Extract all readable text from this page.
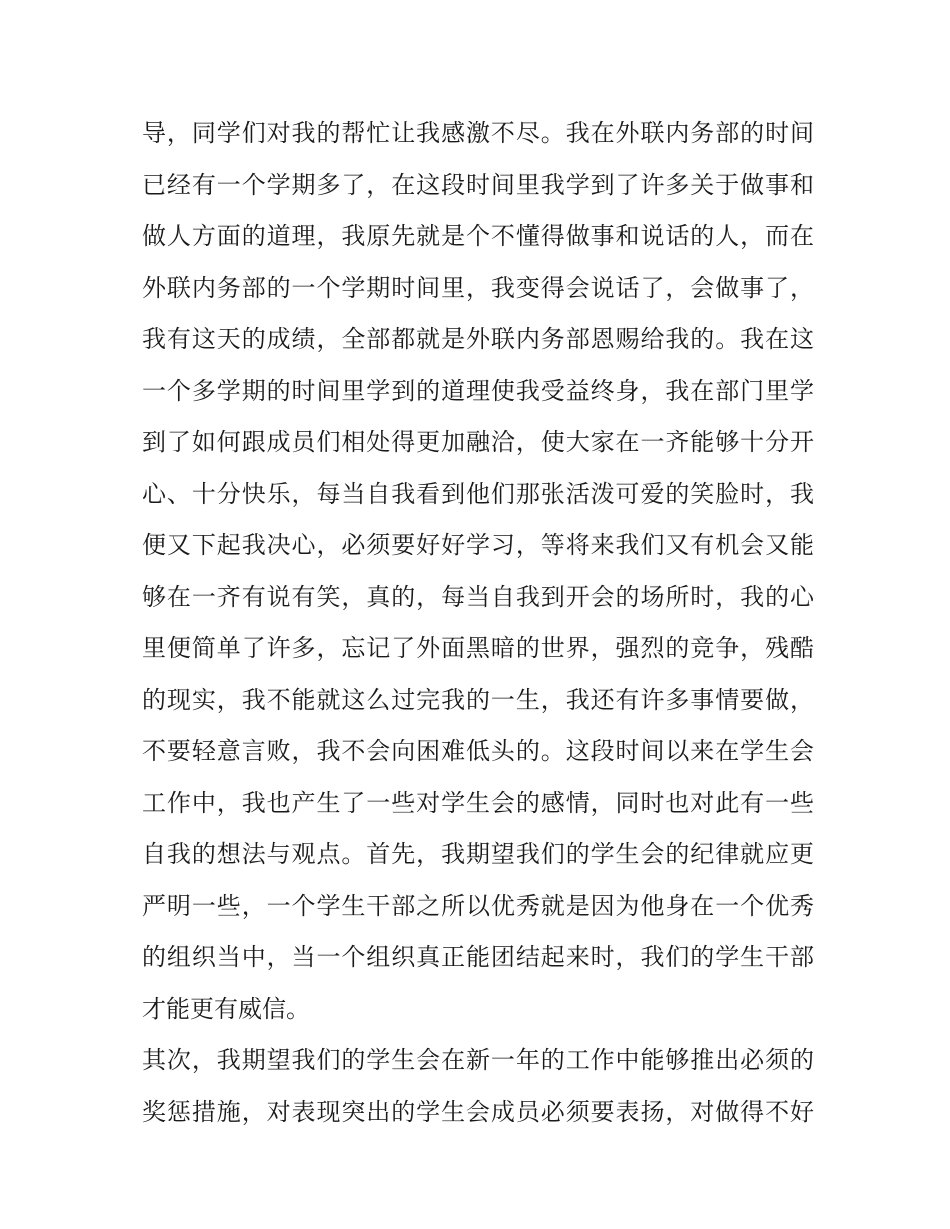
导，同学们对我的帮忙让我感激不尽。我在外联内务部的时间
已经有一个学期多了，在这段时间里我学到了许多关于做事和
做人方面的道理，我原先就是个不懂得做事和说话的人，而在
外联内务部的一个学期时间里，我变得会说话了，会做事了，
我有这天的成绩，全部都就是外联内务部恩赐给我的。我在这
一个多学期的时间里学到的道理使我受益终身，我在部门里学
到了如何跟成员们相处得更加融洽，使大家在一齐能够十分开
心、十分快乐，每当自我看到他们那张活泼可爱的笑脸时，我
便又下起我决心，必须要好好学习，等将来我们又有机会又能
够在一齐有说有笑，真的，每当自我到开会的场所时，我的心
里便简单了许多，忘记了外面黑暗的世界，强烈的竞争，残酷
的现实，我不能就这么过完我的一生，我还有许多事情要做，
不要轻意言败，我不会向困难低头的。这段时间以来在学生会
工作中，我也产生了一些对学生会的感情，同时也对此有一些
自我的想法与观点。首先，我期望我们的学生会的纪律就应更
严明一些，一个学生干部之所以优秀就是因为他身在一个优秀
的组织当中，当一个组织真正能团结起来时，我们的学生干部
才能更有威信。
其次，我期望我们的学生会在新一年的工作中能够推出必须的
奖惩措施，对表现突出的学生会成员必须要表扬，对做得不好
